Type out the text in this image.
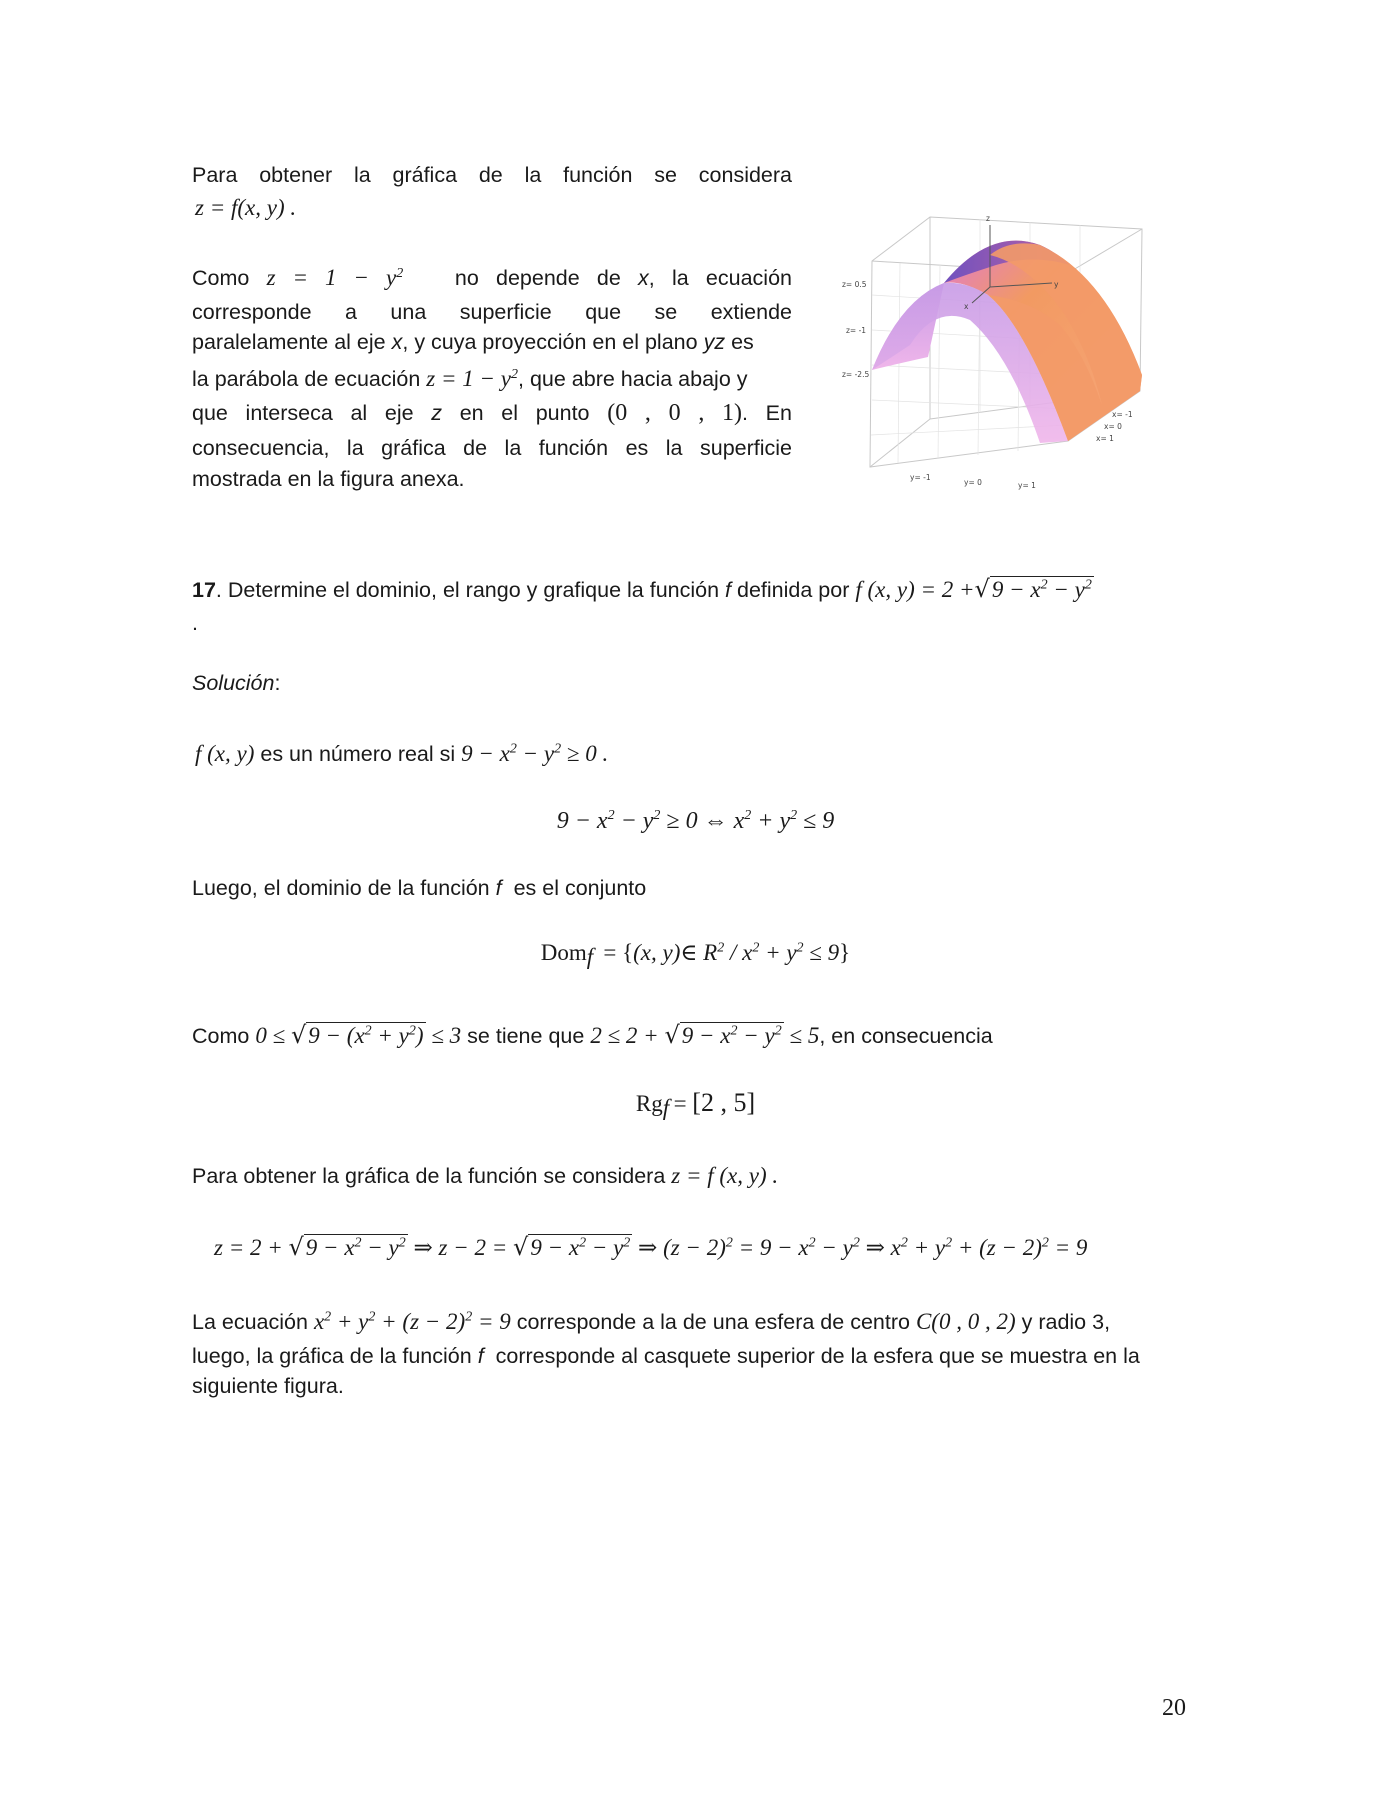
Para obtener la gráfica de la función se considera
z = f(x, y) .
Como $z = 1 - y^2$ no depende de x, la ecuación
corresponde a una superficie que se extiende
paralelamente al eje x, y cuya proyección en el plano yz es
la parábola de ecuación $z = 1 - y^2$, que abre hacia abajo y
que interseca al eje z en el punto (0 , 0 , 1). En
consecuencia, la gráfica de la función es la superficie
mostrada en la figura anexa.
z
y
x
z= 0.5
z= -1
z= -2.5
y= -1
y= 0	y= 1
x= -1
x= 0
x= 1
17. Determine el dominio, el rango y grafique la función f definida por f (x, $y) = 2 +√9 - x^2 - y^2$
.
Solución:
f (x, y) es un número real si $9 - x^2 - y^2 \ge 0$ .
$9 - x^2 - y^2 \ge 0$ ⇔ $x^2 + y^2 \le 9$
Luego, el dominio de la función f es el conjunto
Dom$_f$  = {(x, y)∈ $R^2 / x^2 + y^2 \le 9$}
Como $0 \le √9 - (x^2 + y^2) \le 3$ se tiene que $2 \le 2 + √9 - x^2 - y^2 \le 5$, en consecuencia
$Rg_f = [2$ , 5]
Para obtener la gráfica de la función se considera z = f (x, y) .
$z = 2 + √9 - x^2 - y^2$ ⇒ $z - 2 = √9 - x^2 - y^2$ ⇒ $(z - 2)^2 = 9 - x^2 - y^2$ ⇒ $x^2 + y^2 + (z - 2)^2 = 9$
La ecuación $x^2 + y^2 + (z - 2)^2 = 9$ corresponde a la de una esfera de centro C(0 , 0 , 2) y radio 3,
luego, la gráfica de la función f corresponde al casquete superior de la esfera que se muestra en la
siguiente figura.
20
